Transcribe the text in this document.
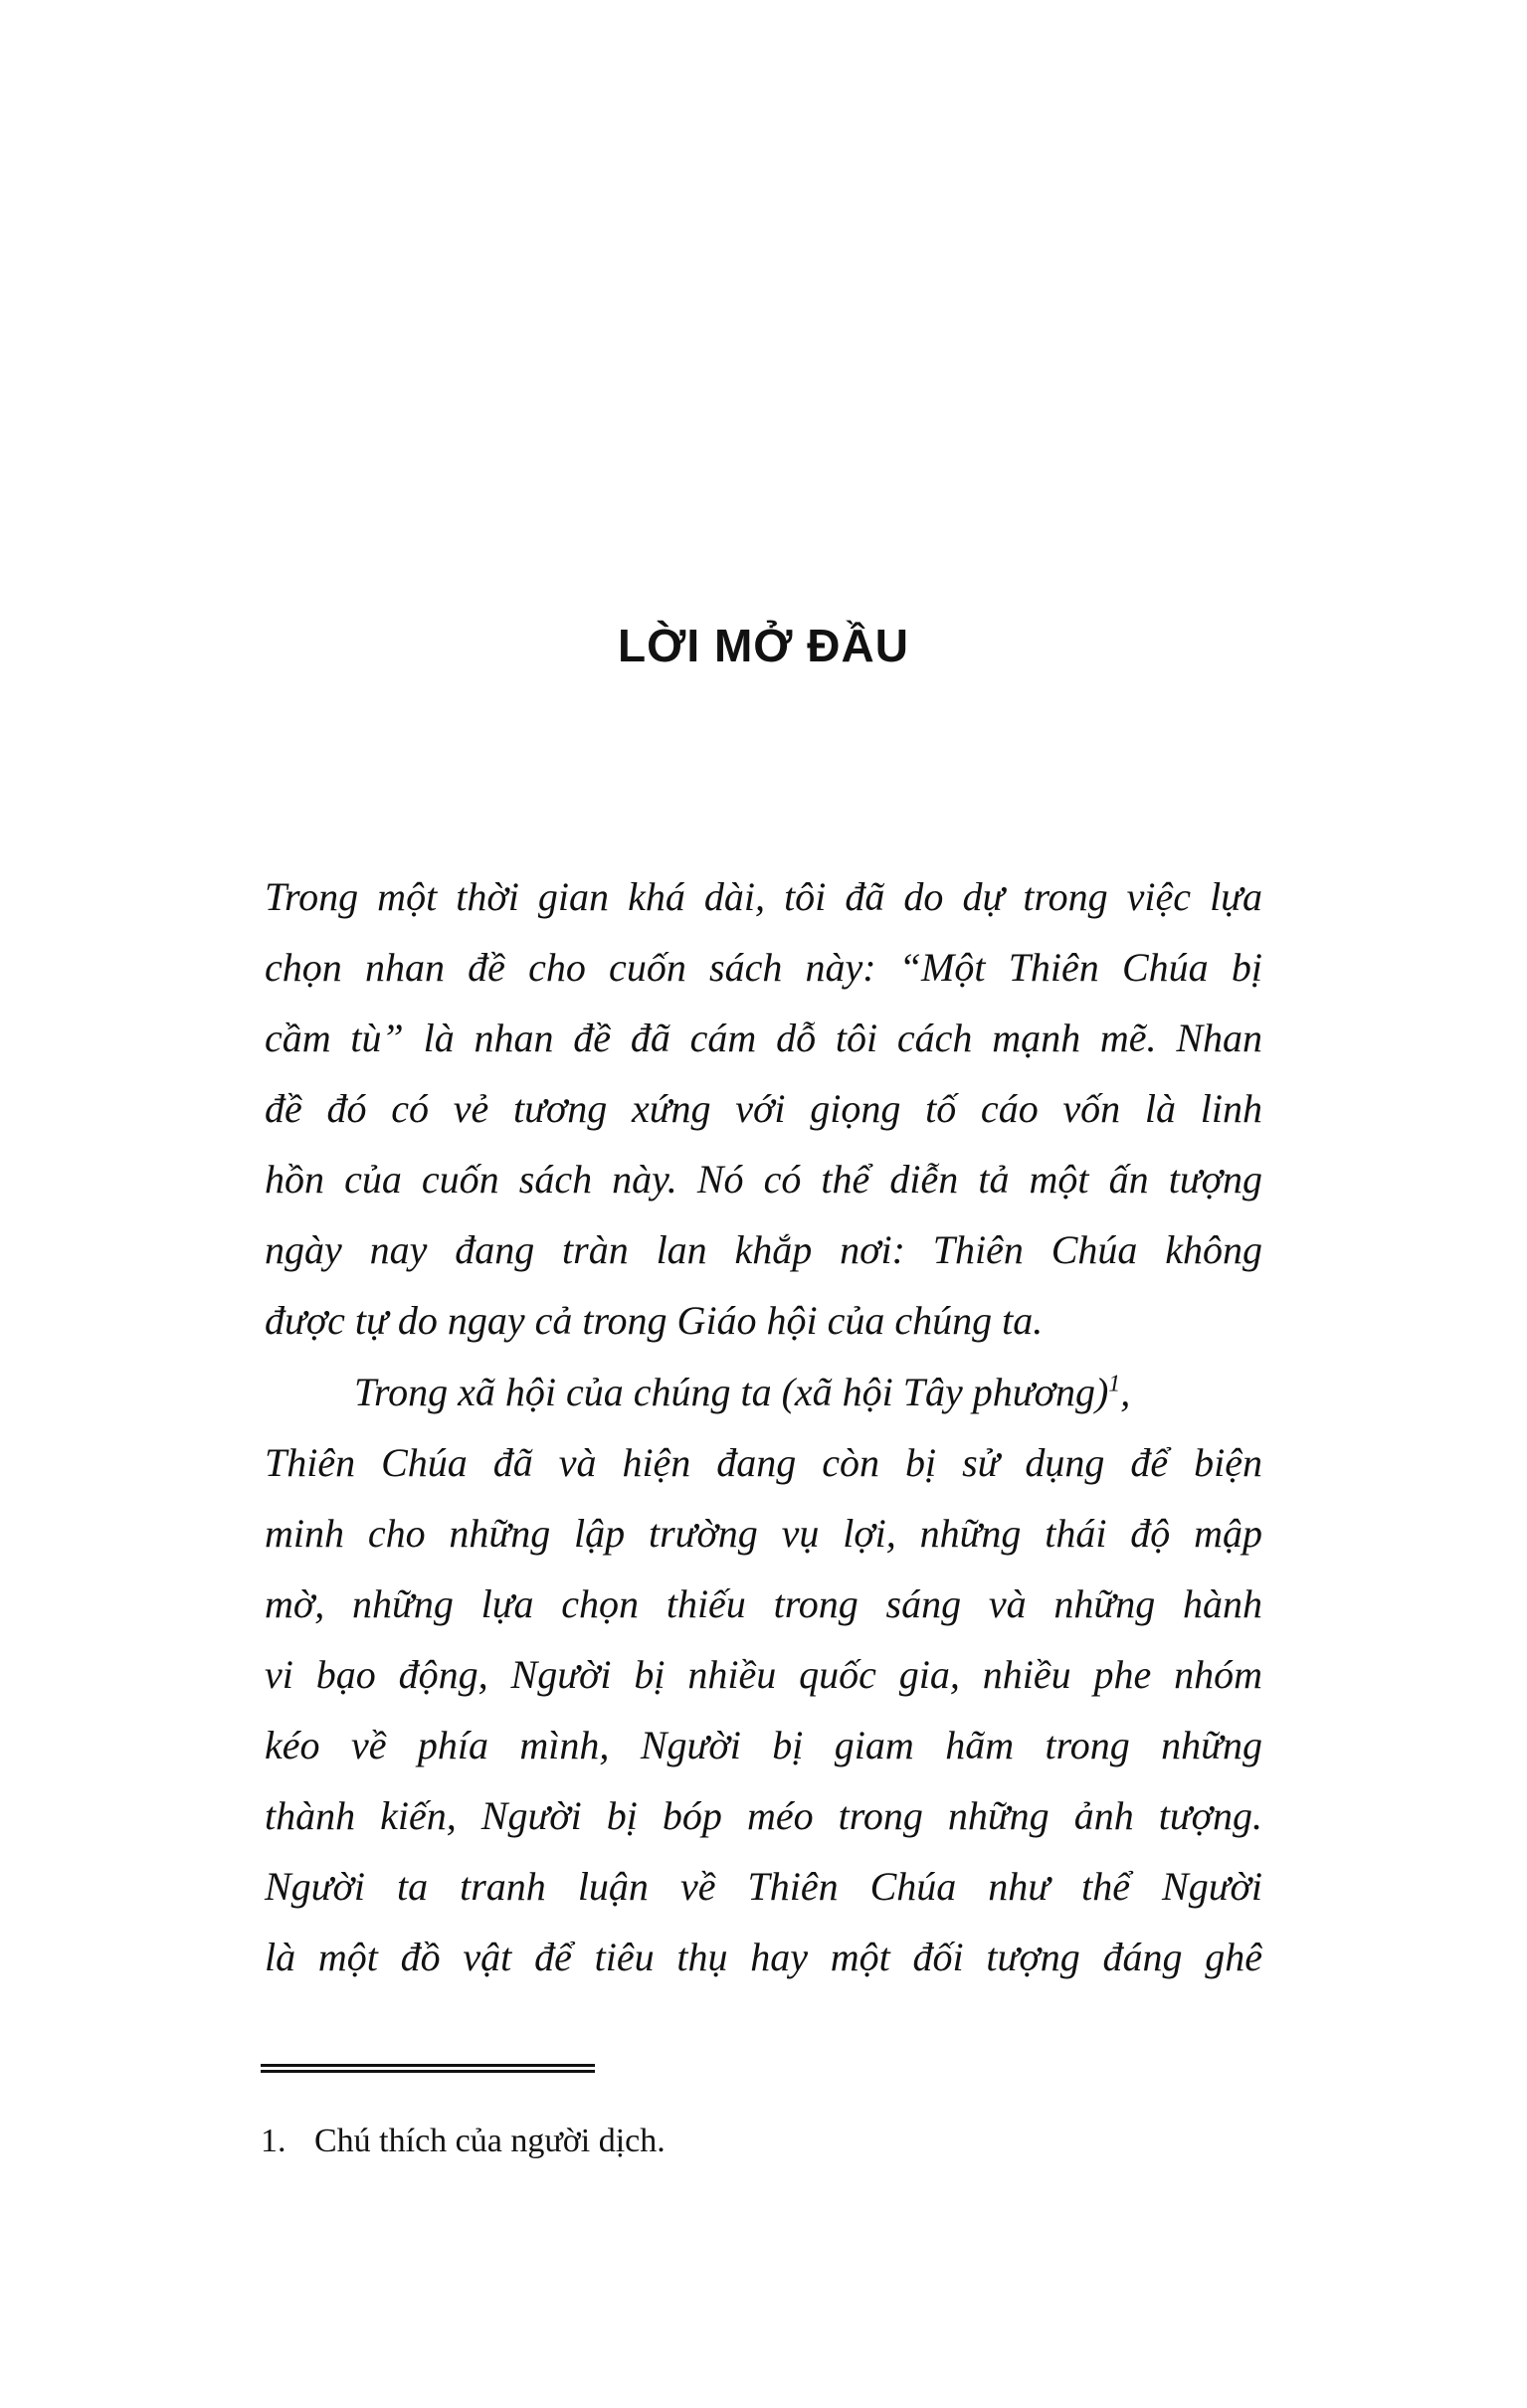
LỜI MỞ ĐẦU
Trong một thời gian khá dài, tôi đã do dự trong việc lựa
chọn nhan đề cho cuốn sách này: “Một Thiên Chúa bị
cầm tù” là nhan đề đã cám dỗ tôi cách mạnh mẽ. Nhan
đề đó có vẻ tương xứng với giọng tố cáo vốn là linh
hồn của cuốn sách này. Nó có thể diễn tả một ấn tượng
ngày nay đang tràn lan khắp nơi: Thiên Chúa không
được tự do ngay cả trong Giáo hội của chúng ta.
Trong xã hội của chúng ta (xã hội Tây phương)$^1$,
Thiên Chúa đã và hiện đang còn bị sử dụng để biện
minh cho những lập trường vụ lợi, những thái độ mập
mờ, những lựa chọn thiếu trong sáng và những hành
vi bạo động, Người bị nhiều quốc gia, nhiều phe nhóm
kéo về phía mình, Người bị giam hãm trong những
thành kiến, Người bị bóp méo trong những ảnh tượng.
Người ta tranh luận về Thiên Chúa như thể Người
là một đồ vật để tiêu thụ hay một đối tượng đáng ghê
1. Chú thích của người dịch.
